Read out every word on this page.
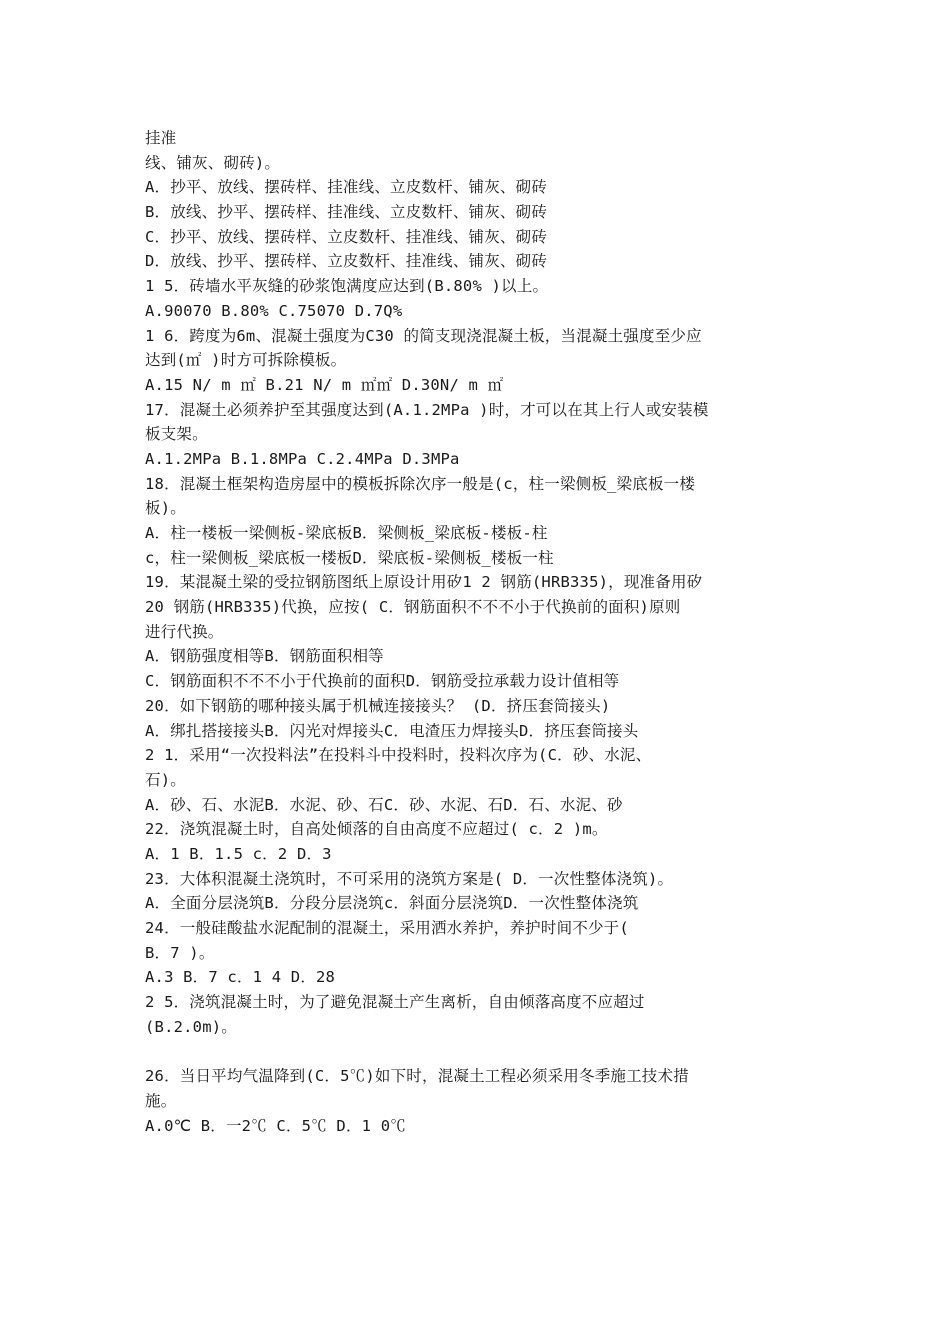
挂准
线、铺灰、砌砖)。
A．抄平、放线、摆砖样、挂准线、立皮数杆、铺灰、砌砖
B．放线、抄平、摆砖样、挂准线、立皮数杆、铺灰、砌砖
C．抄平、放线、摆砖样、立皮数杆、挂准线、铺灰、砌砖
D．放线、抄平、摆砖样、立皮数杆、挂准线、铺灰、砌砖
1 5．砖墙水平灰缝的砂浆饱满度应达到(B.80% )以上。
A.90070 B.80% C.75070 D.7Q%
1 6．跨度为6m、混凝土强度为C30 的简支现浇混凝土板，当混凝土强度至少应
达到(㎡ )时方可拆除模板。
A.15 N/ m ㎡ B.21 N/ m ㎡㎡ D.30N/ m ㎡
17．混凝土必须养护至其强度达到(A.1.2MPa )时，才可以在其上行人或安装模
板支架。
A.1.2MPa B.1.8MPa C.2.4MPa D.3MPa
18．混凝土框架构造房屋中的模板拆除次序一般是(c，柱一梁侧板_梁底板一楼
板)。
A．柱一楼板一梁侧板-梁底板B．梁侧板_梁底板-楼板-柱
c，柱一梁侧板_梁底板一楼板D．梁底板-梁侧板_楼板一柱
19．某混凝土梁的受拉钢筋图纸上原设计用矽1 2 钢筋(HRB335)，现准备用矽
20 钢筋(HRB335)代换，应按( C．钢筋面积不不不小于代换前的面积)原则
进行代换。
A．钢筋强度相等B．钢筋面积相等
C．钢筋面积不不不小于代换前的面积D．钢筋受拉承载力设计值相等
20．如下钢筋的哪种接头属于机械连接接头？ (D．挤压套筒接头)
A．绑扎搭接接头B．闪光对焊接头C．电渣压力焊接头D．挤压套筒接头
2 1．采用“一次投料法”在投料斗中投料时，投料次序为(C．砂、水泥、
石)。
A．砂、石、水泥B．水泥、砂、石C．砂、水泥、石D．石、水泥、砂
22．浇筑混凝土时，自高处倾落的自由高度不应超过( c．2 )m。
A．1 B．1.5 c．2 D．3
23．大体积混凝土浇筑时，不可采用的浇筑方案是( D．一次性整体浇筑)。
A．全面分层浇筑B．分段分层浇筑c．斜面分层浇筑D．一次性整体浇筑
24．一般硅酸盐水泥配制的混凝土，采用洒水养护，养护时间不少于(
B．7 )。
A.3 B．7 c．1 4 D．28
2 5．浇筑混凝土时，为了避免混凝土产生离析，自由倾落高度不应超过
(B.2.0m)。
26．当日平均气温降到(C．5℃)如下时，混凝土工程必须采用冬季施工技术措
施。
A.0℃ B．一2℃ C．5℃ D．1 0℃
